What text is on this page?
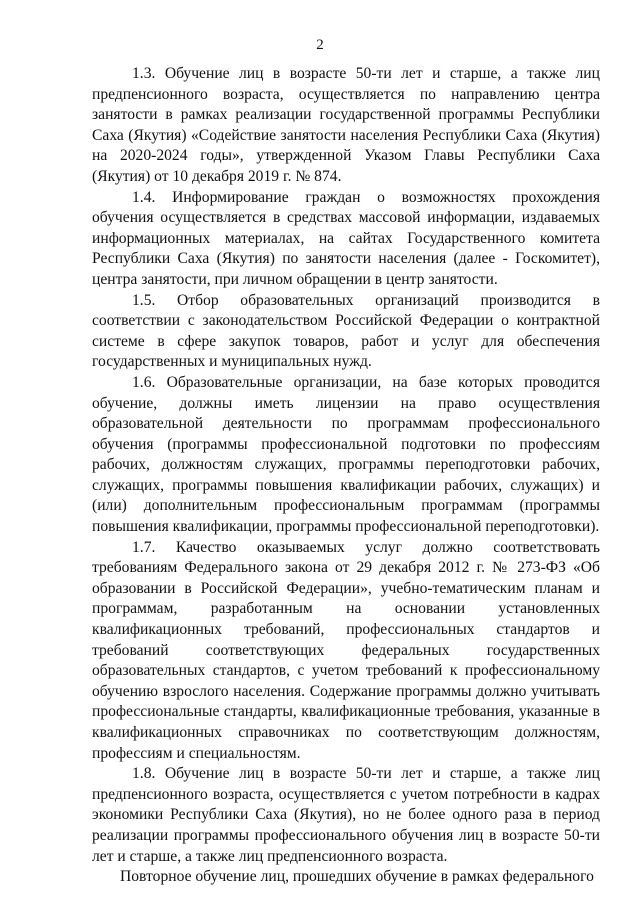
2

1.3. Обучение лиц в возрасте 50-ти лет и старше, а также лиц предпенсионного возраста, осуществляется по направлению центра занятости в рамках реализации государственной программы Республики Саха (Якутия) «Содействие занятости населения Республики Саха (Якутия) на 2020-2024 годы», утвержденной Указом Главы Республики Саха (Якутия) от 10 декабря 2019 г. № 874.

1.4. Информирование граждан о возможностях прохождения обучения осуществляется в средствах массовой информации, издаваемых информационных материалах, на сайтах Государственного комитета Республики Саха (Якутия) по занятости населения (далее - Госкомитет), центра занятости, при личном обращении в центр занятости.

1.5. Отбор образовательных организаций производится в соответствии с законодательством Российской Федерации о контрактной системе в сфере закупок товаров, работ и услуг для обеспечения государственных и муниципальных нужд.

1.6. Образовательные организации, на базе которых проводится обучение, должны иметь лицензии на право осуществления образовательной деятельности по программам профессионального обучения (программы профессиональной подготовки по профессиям рабочих, должностям служащих, программы переподготовки рабочих, служащих, программы повышения квалификации рабочих, служащих) и (или) дополнительным профессиональным программам (программы повышения квалификации, программы профессиональной переподготовки).

1.7. Качество оказываемых услуг должно соответствовать требованиям Федерального закона от 29 декабря 2012 г. № 273-ФЗ «Об образовании в Российской Федерации», учебно-тематическим планам и программам, разработанным на основании установленных квалификационных требований, профессиональных стандартов и требований соответствующих федеральных государственных образовательных стандартов, с учетом требований к профессиональному обучению взрослого населения. Содержание программы должно учитывать профессиональные стандарты, квалификационные требования, указанные в квалификационных справочниках по соответствующим должностям, профессиям и специальностям.

1.8. Обучение лиц в возрасте 50-ти лет и старше, а также лиц предпенсионного возраста, осуществляется с учетом потребности в кадрах экономики Республики Саха (Якутия), но не более одного раза в период реализации программы профессионального обучения лиц в возрасте 50-ти лет и старше, а также лиц предпенсионного возраста.

Повторное обучение лиц, прошедших обучение в рамках федерального
